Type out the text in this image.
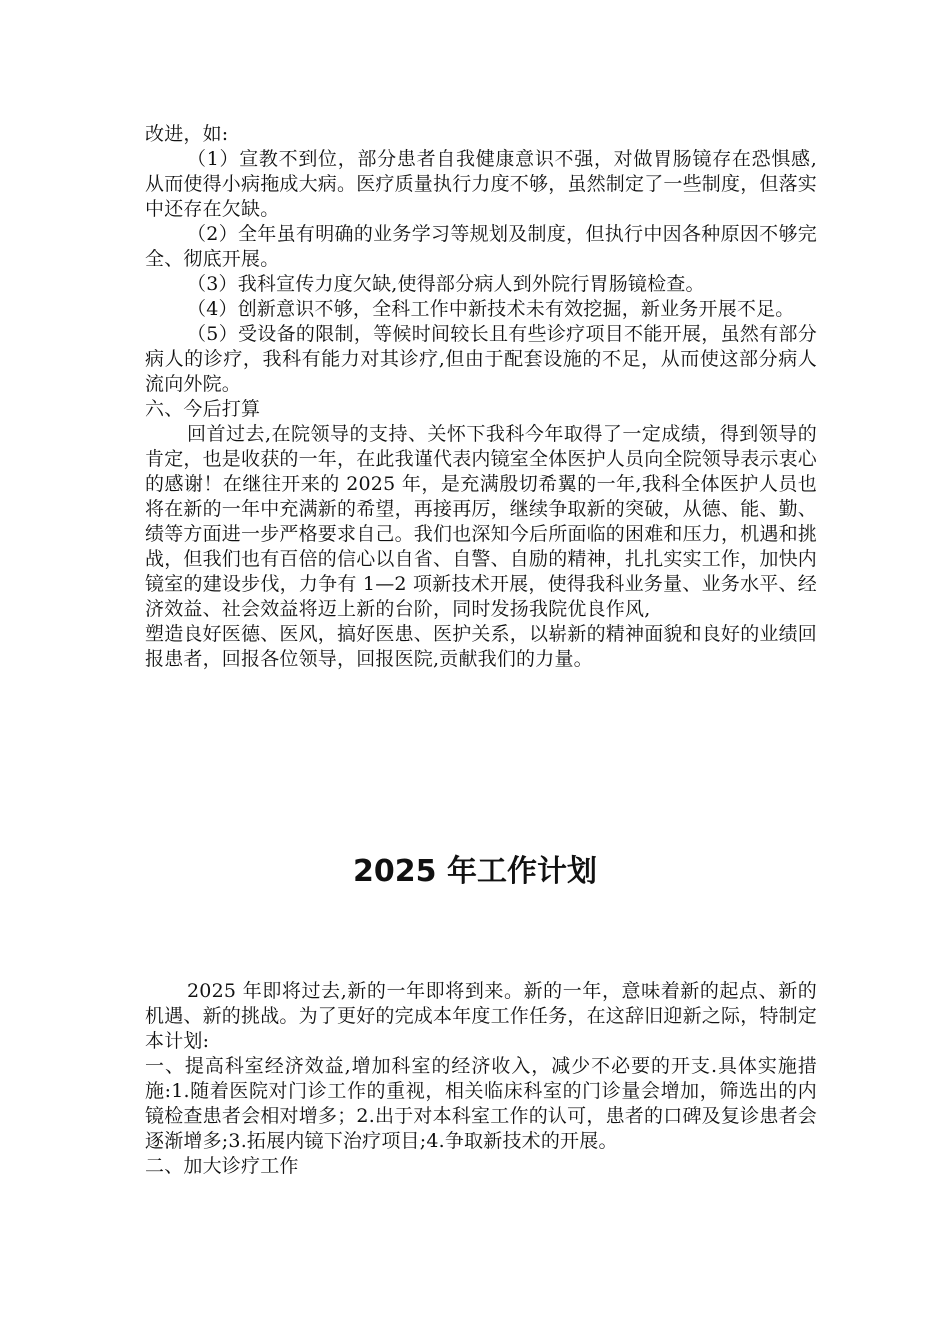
改进，如:

（1）宣教不到位，部分患者自我健康意识不强，对做胃肠镜存在恐惧感,从而使得小病拖成大病。医疗质量执行力度不够，虽然制定了一些制度，但落实中还存在欠缺。

（2）全年虽有明确的业务学习等规划及制度，但执行中因各种原因不够完全、彻底开展。

（3）我科宣传力度欠缺,使得部分病人到外院行胃肠镜检查。

（4）创新意识不够，全科工作中新技术未有效挖掘，新业务开展不足。

（5）受设备的限制，等候时间较长且有些诊疗项目不能开展，虽然有部分病人的诊疗，我科有能力对其诊疗,但由于配套设施的不足，从而使这部分病人流向外院。

六、今后打算

回首过去,在院领导的支持、关怀下我科今年取得了一定成绩，得到领导的肯定，也是收获的一年，在此我谨代表内镜室全体医护人员向全院领导表示衷心的感谢！在继往开来的 2025 年，是充满殷切希翼的一年,我科全体医护人员也将在新的一年中充满新的希望，再接再厉，继续争取新的突破，从德、能、勤、绩等方面进一步严格要求自己。我们也深知今后所面临的困难和压力，机遇和挑战，但我们也有百倍的信心以自省、自警、自励的精神，扎扎实实工作，加快内镜室的建设步伐，力争有 1—2 项新技术开展，使得我科业务量、业务水平、经济效益、社会效益将迈上新的台阶，同时发扬我院优良作风,

塑造良好医德、医风，搞好医患、医护关系，以崭新的精神面貌和良好的业绩回报患者，回报各位领导，回报医院,贡献我们的力量。

2025 年工作计划

2025 年即将过去,新的一年即将到来。新的一年，意味着新的起点、新的机遇、新的挑战。为了更好的完成本年度工作任务，在这辞旧迎新之际，特制定本计划:

一、提高科室经济效益,增加科室的经济收入，减少不必要的开支.具体实施措施:1.随着医院对门诊工作的重视，相关临床科室的门诊量会增加，筛选出的内镜检查患者会相对增多；2.出于对本科室工作的认可，患者的口碑及复诊患者会逐渐增多;3.拓展内镜下治疗项目;4.争取新技术的开展。

二、加大诊疗工作
